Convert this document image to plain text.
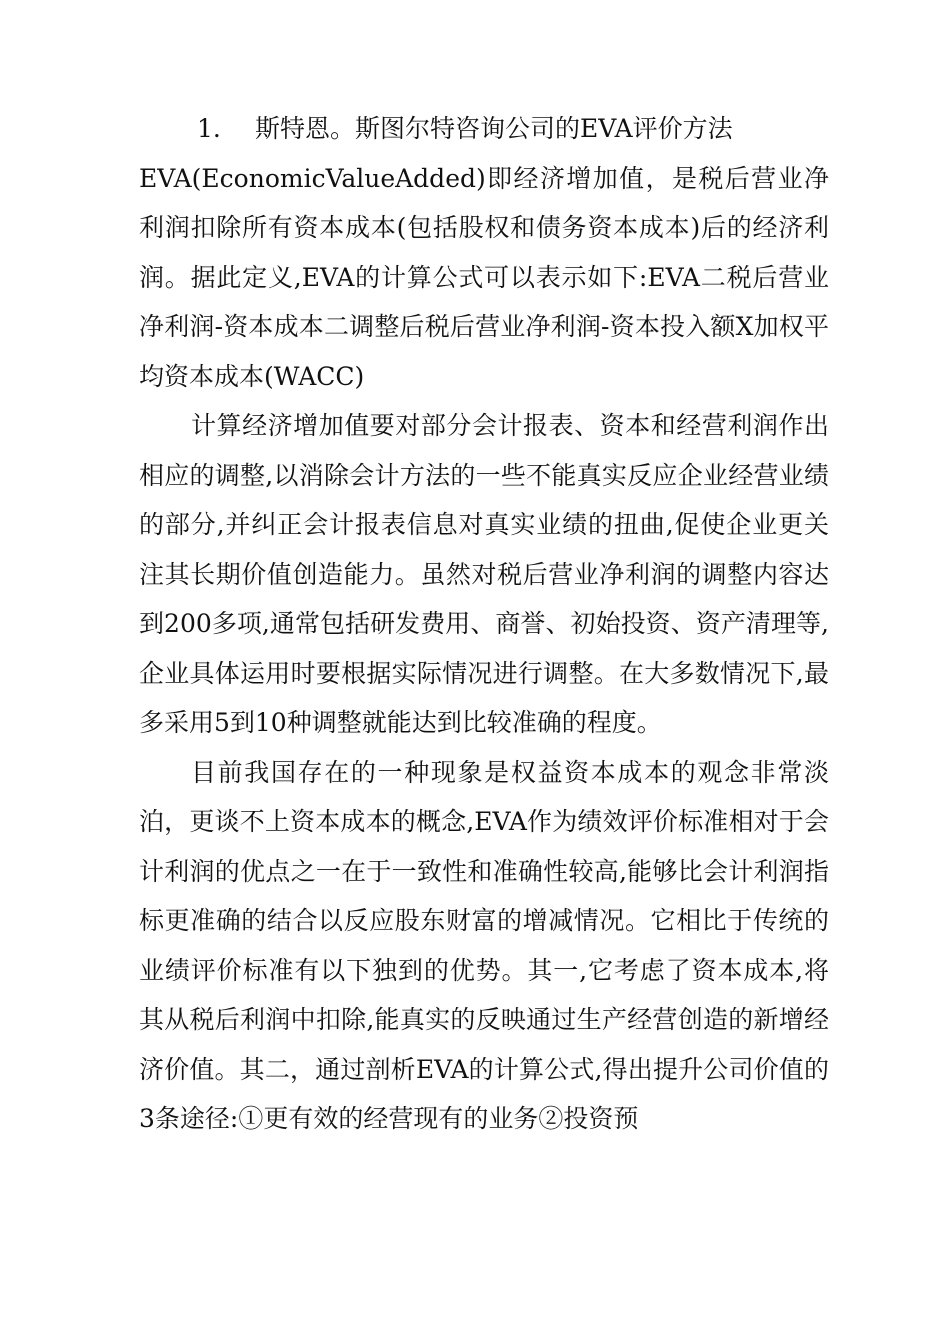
1. 斯特恩。斯图尔特咨询公司的EVA评价方法

EVA(EconomicValueAdded)即经济增加值，是税后营业净利润扣除所有资本成本(包括股权和债务资本成本)后的经济利润。据此定义,EVA的计算公式可以表示如下:EVA二税后营业净利润-资本成本二调整后税后营业净利润-资本投入额X加权平均资本成本(WACC)

计算经济增加值要对部分会计报表、资本和经营利润作出相应的调整,以消除会计方法的一些不能真实反应企业经营业绩的部分,并纠正会计报表信息对真实业绩的扭曲,促使企业更关注其长期价值创造能力。虽然对税后营业净利润的调整内容达到200多项,通常包括研发费用、商誉、初始投资、资产清理等,企业具体运用时要根据实际情况进行调整。在大多数情况下,最多采用5到10种调整就能达到比较准确的程度。

目前我国存在的一种现象是权益资本成本的观念非常淡泊，更谈不上资本成本的概念,EVA作为绩效评价标准相对于会计利润的优点之一在于一致性和准确性较高,能够比会计利润指标更准确的结合以反应股东财富的增减情况。它相比于传统的业绩评价标准有以下独到的优势。其一,它考虑了资本成本,将其从税后利润中扣除,能真实的反映通过生产经营创造的新增经济价值。其二，通过剖析EVA的计算公式,得出提升公司价值的3条途径:①更有效的经营现有的业务②投资预
